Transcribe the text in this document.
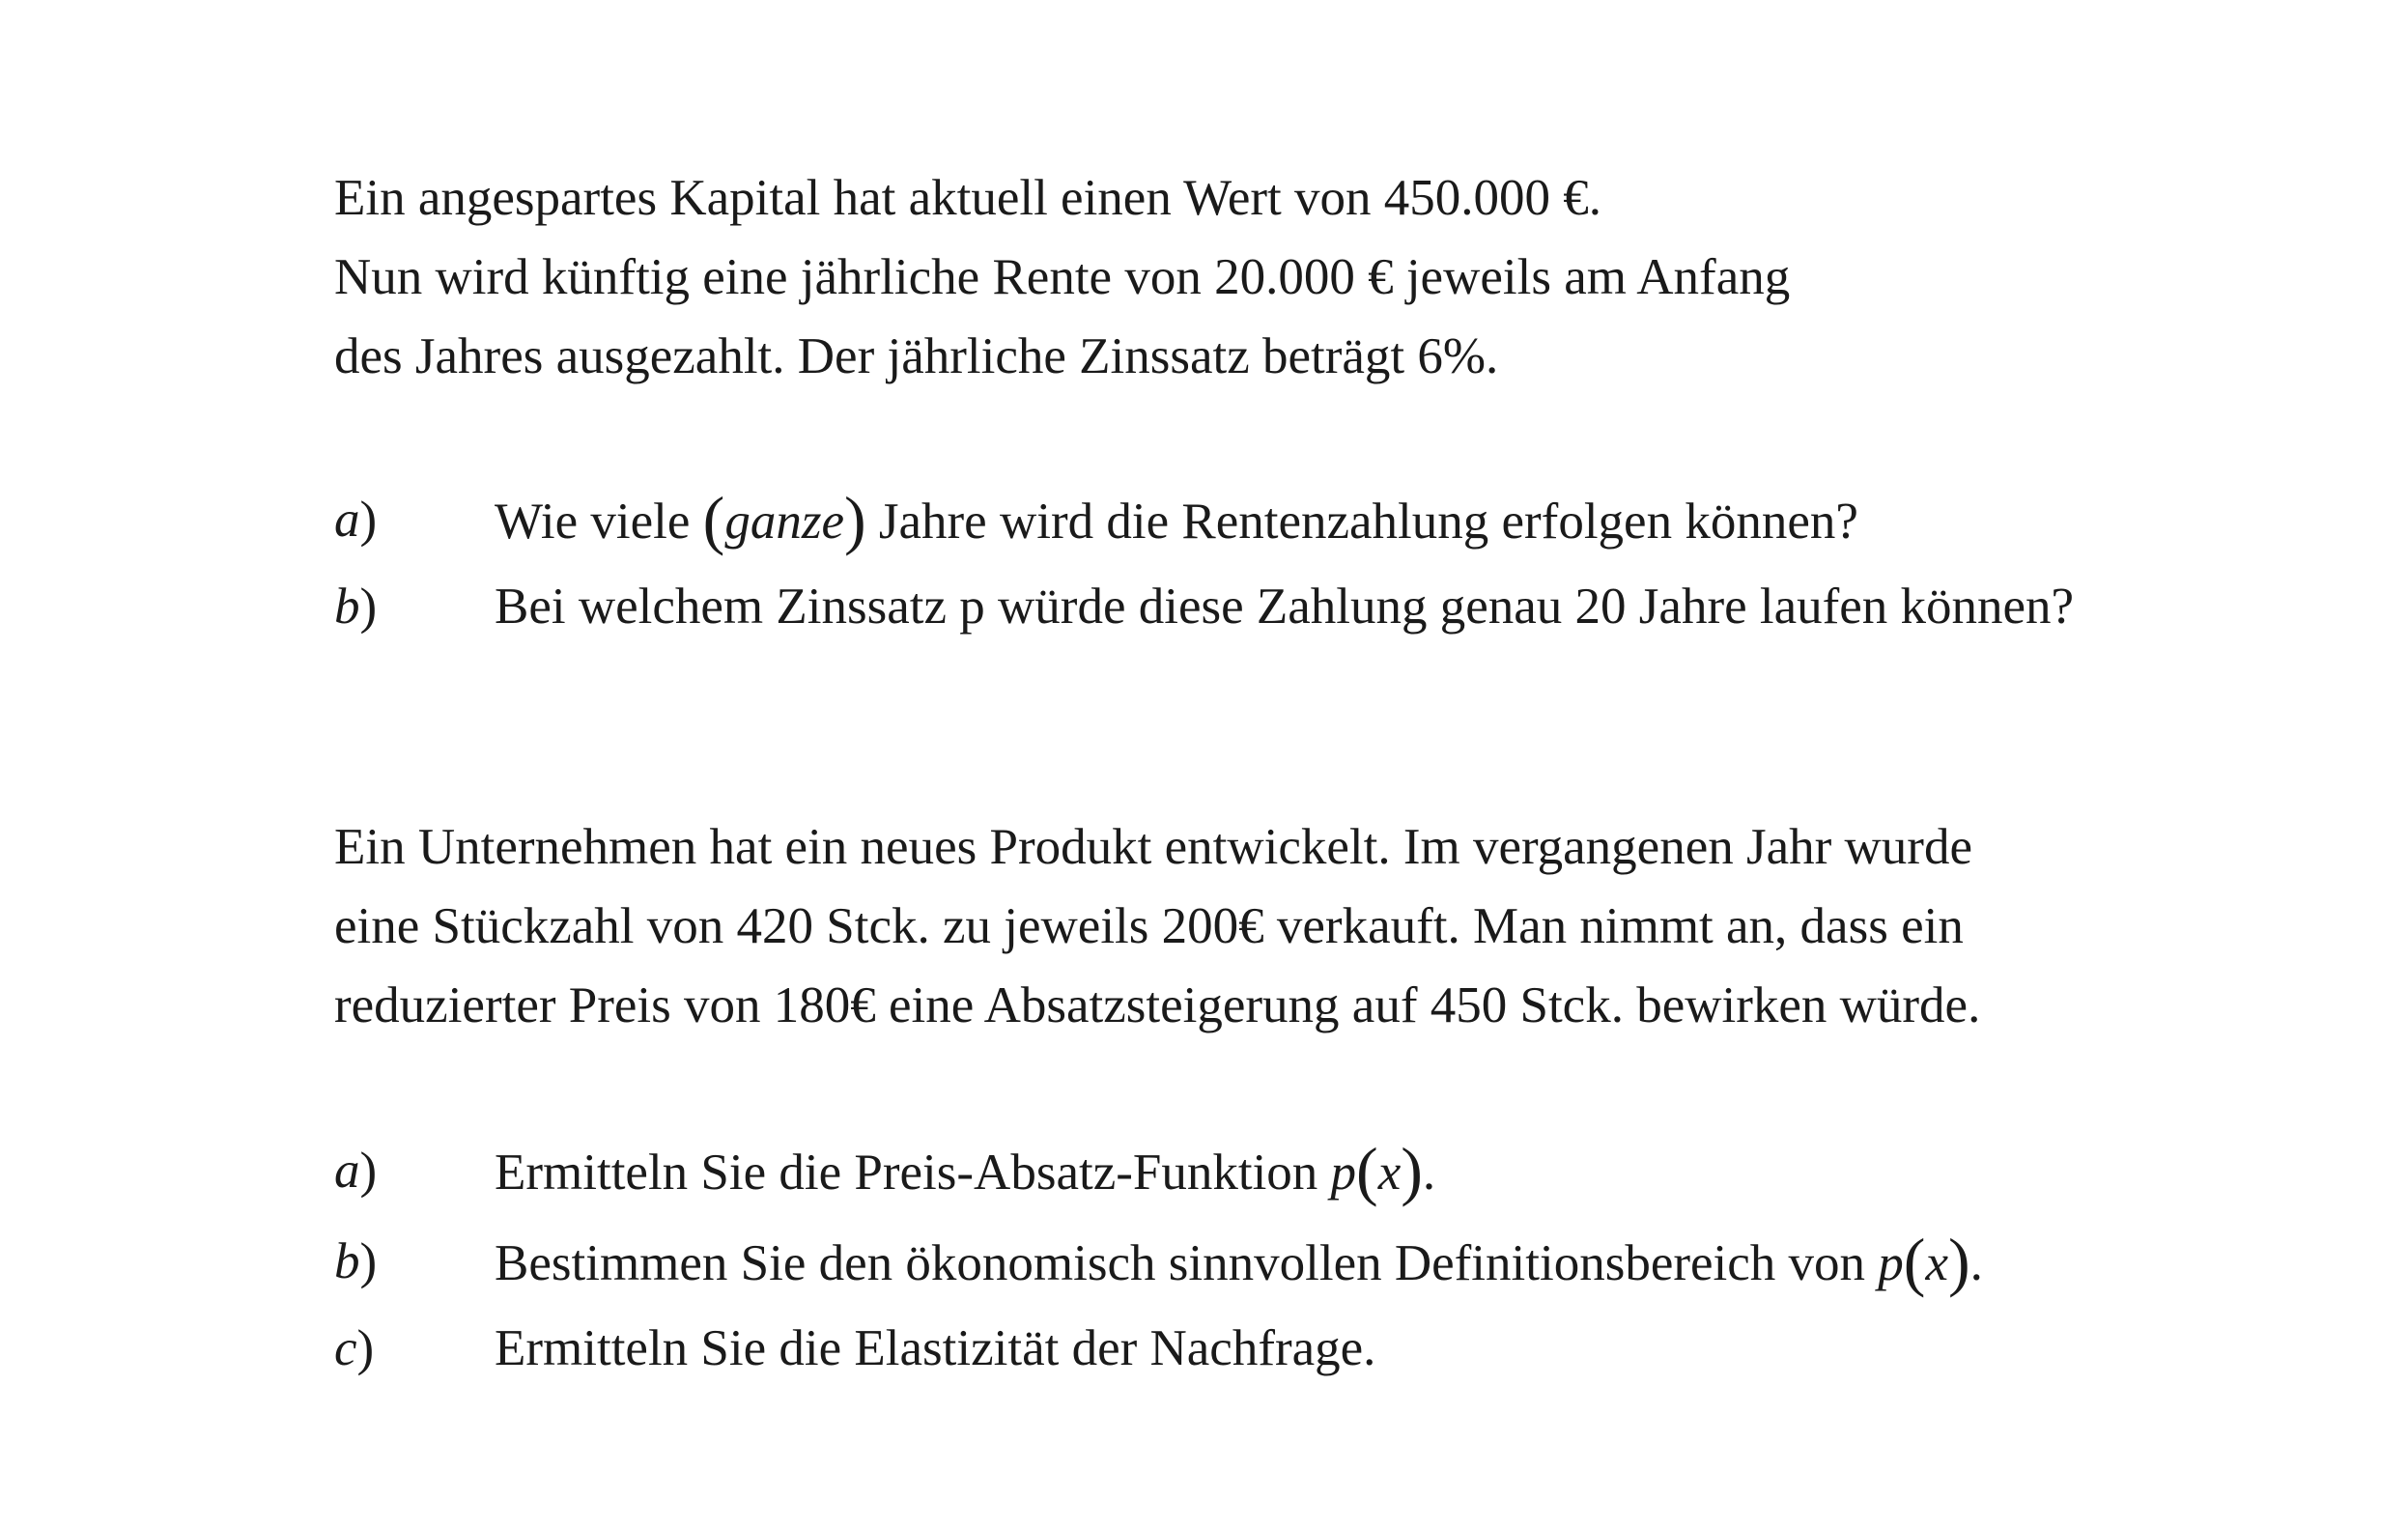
Ein angespartes Kapital hat aktuell einen Wert von 450.000 €.
Nun wird künftig eine jährliche Rente von 20.000 € jeweils am Anfang
des Jahres ausgezahlt. Der jährliche Zinssatz beträgt 6%.
a) Wie viele (ganze) Jahre wird die Rentenzahlung erfolgen können?
b) Bei welchem Zinssatz p würde diese Zahlung genau 20 Jahre laufen können?
Ein Unternehmen hat ein neues Produkt entwickelt. Im vergangenen Jahr wurde
eine Stückzahl von 420 Stck. zu jeweils 200€ verkauft. Man nimmt an, dass ein
reduzierter Preis von 180€ eine Absatzsteigerung auf 450 Stck. bewirken würde.
a) Ermitteln Sie die Preis-Absatz-Funktion p(x).
b) Bestimmen Sie den ökonomisch sinnvollen Definitionsbereich von p(x).
c) Ermitteln Sie die Elastizität der Nachfrage.
